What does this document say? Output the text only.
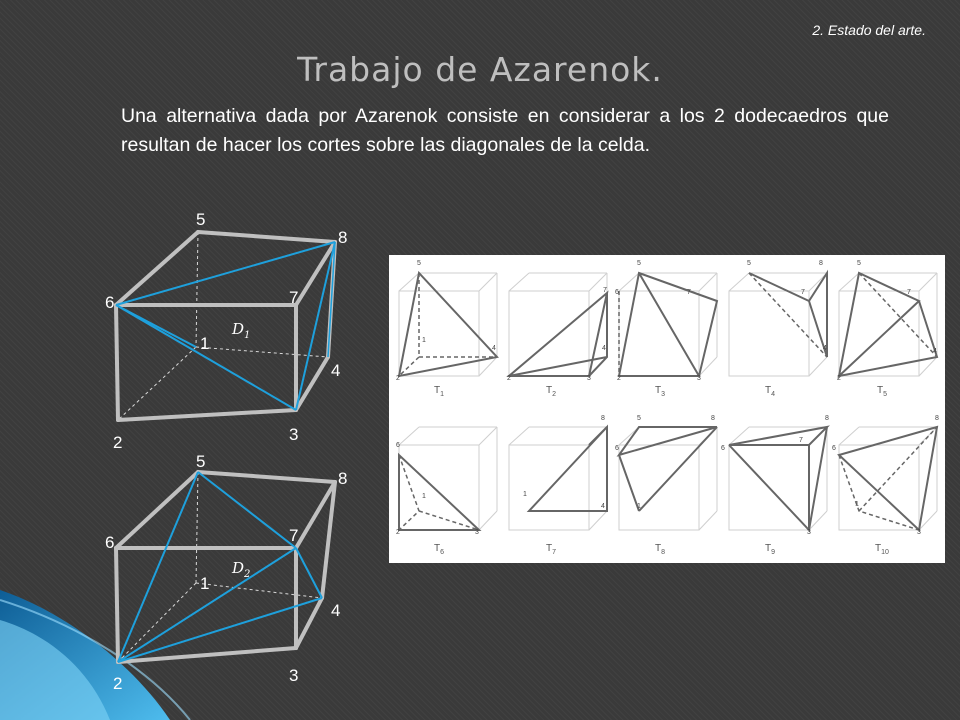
2. Estado del arte.
Trabajo de Azarenok.
Una alternativa dada por Azarenok consiste en considerar a los 2 dodecaedros que resultan de hacer los cortes sobre las diagonales de la celda.
5
8
6	7
1
4
2	3
$D_1$
5
8
6	7
1
4
2	3
$D_2$
5
1
2
4
7
2	3
4
5
6	7
2	3
5	8
7
4
5
7
2
4
6
1
2	3
8
1
4
5	8
6
1
8
7
6
3
8
6
1
3
$T_1$	$T_2$	$T_3$	$T_4$	$T_5$
$T_6$	$T_7$	$T_8$	$T_9$	$T_{10}$
